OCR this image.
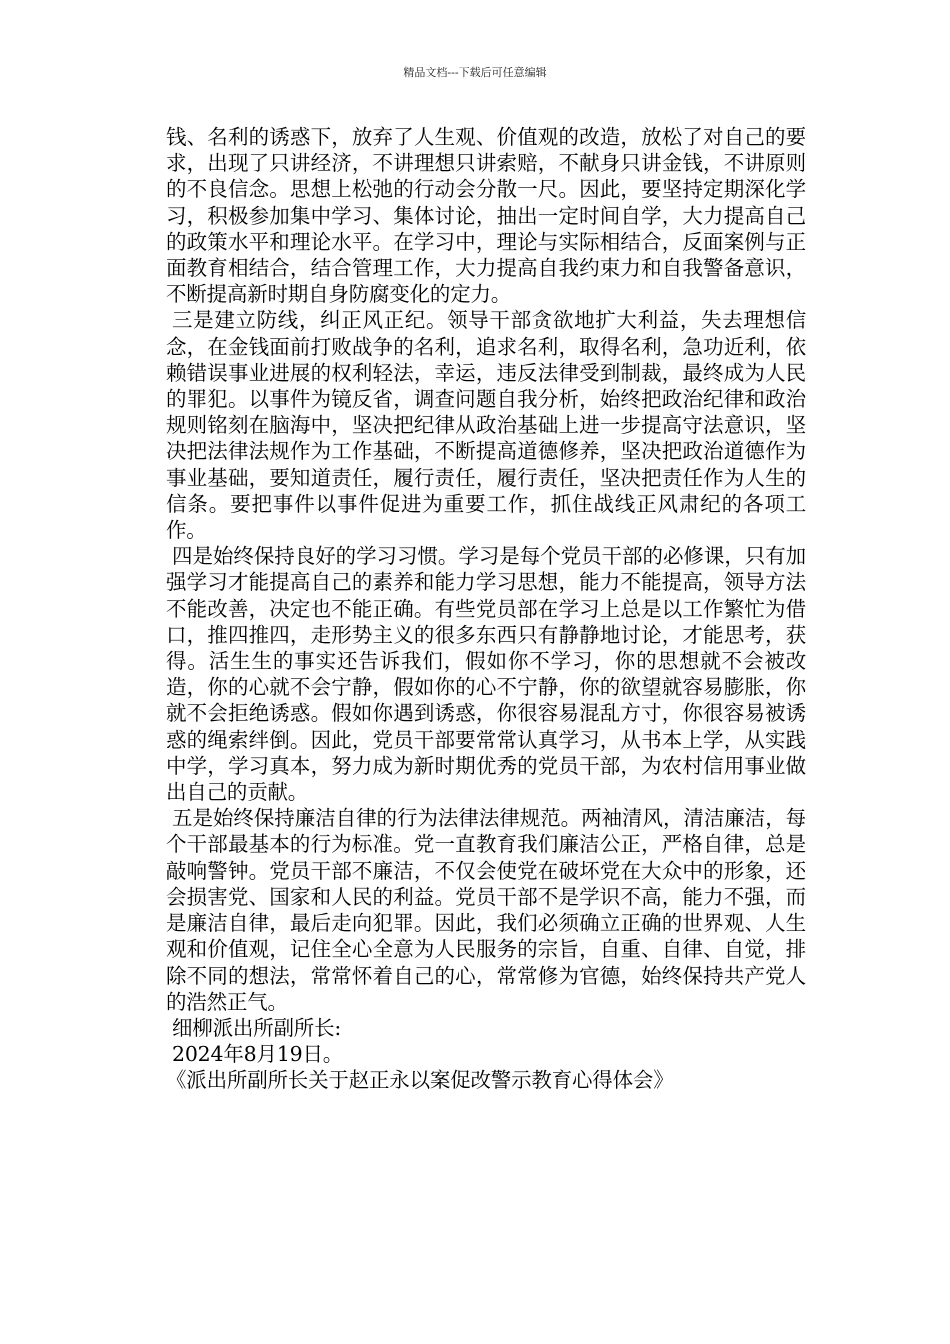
精品文档---下载后可任意编辑

钱、名利的诱惑下，放弃了人生观、价值观的改造，放松了对自己的要求，出现了只讲经济，不讲理想只讲索赔，不献身只讲金钱，不讲原则的不良信念。思想上松弛的行动会分散一尺。因此，要坚持定期深化学习，积极参加集中学习、集体讨论，抽出一定时间自学，大力提高自己的政策水平和理论水平。在学习中，理论与实际相结合，反面案例与正面教育相结合，结合管理工作，大力提高自我约束力和自我警备意识，不断提高新时期自身防腐变化的定力。

三是建立防线，纠正风正纪。领导干部贪欲地扩大利益，失去理想信念，在金钱面前打败战争的名利，追求名利，取得名利，急功近利，依赖错误事业进展的权利轻法，幸运，违反法律受到制裁，最终成为人民的罪犯。以事件为镜反省，调查问题自我分析，始终把政治纪律和政治规则铭刻在脑海中，坚决把纪律从政治基础上进一步提高守法意识，坚决把法律法规作为工作基础，不断提高道德修养，坚决把政治道德作为事业基础，要知道责任，履行责任，履行责任，坚决把责任作为人生的信条。要把事件以事件促进为重要工作，抓住战线正风肃纪的各项工作。

四是始终保持良好的学习习惯。学习是每个党员干部的必修课，只有加强学习才能提高自己的素养和能力学习思想，能力不能提高，领导方法不能改善，决定也不能正确。有些党员部在学习上总是以工作繁忙为借口，推四推四，走形势主义的很多东西只有静静地讨论，才能思考，获得。活生生的事实还告诉我们，假如你不学习，你的思想就不会被改造，你的心就不会宁静，假如你的心不宁静，你的欲望就容易膨胀，你就不会拒绝诱惑。假如你遇到诱惑，你很容易混乱方寸，你很容易被诱惑的绳索绊倒。因此，党员干部要常常认真学习，从书本上学，从实践中学，学习真本，努力成为新时期优秀的党员干部，为农村信用事业做出自己的贡献。

五是始终保持廉洁自律的行为法律法律规范。两袖清风，清洁廉洁，每个干部最基本的行为标准。党一直教育我们廉洁公正，严格自律，总是敲响警钟。党员干部不廉洁，不仅会使党在破坏党在大众中的形象，还会损害党、国家和人民的利益。党员干部不是学识不高，能力不强，而是廉洁自律，最后走向犯罪。因此，我们必须确立正确的世界观、人生观和价值观，记住全心全意为人民服务的宗旨，自重、自律、自觉，排除不同的想法，常常怀着自己的心，常常修为官德，始终保持共产党人的浩然正气。

细柳派出所副所长:

2024年8月19日。

《派出所副所长关于赵正永以案促改警示教育心得体会》
